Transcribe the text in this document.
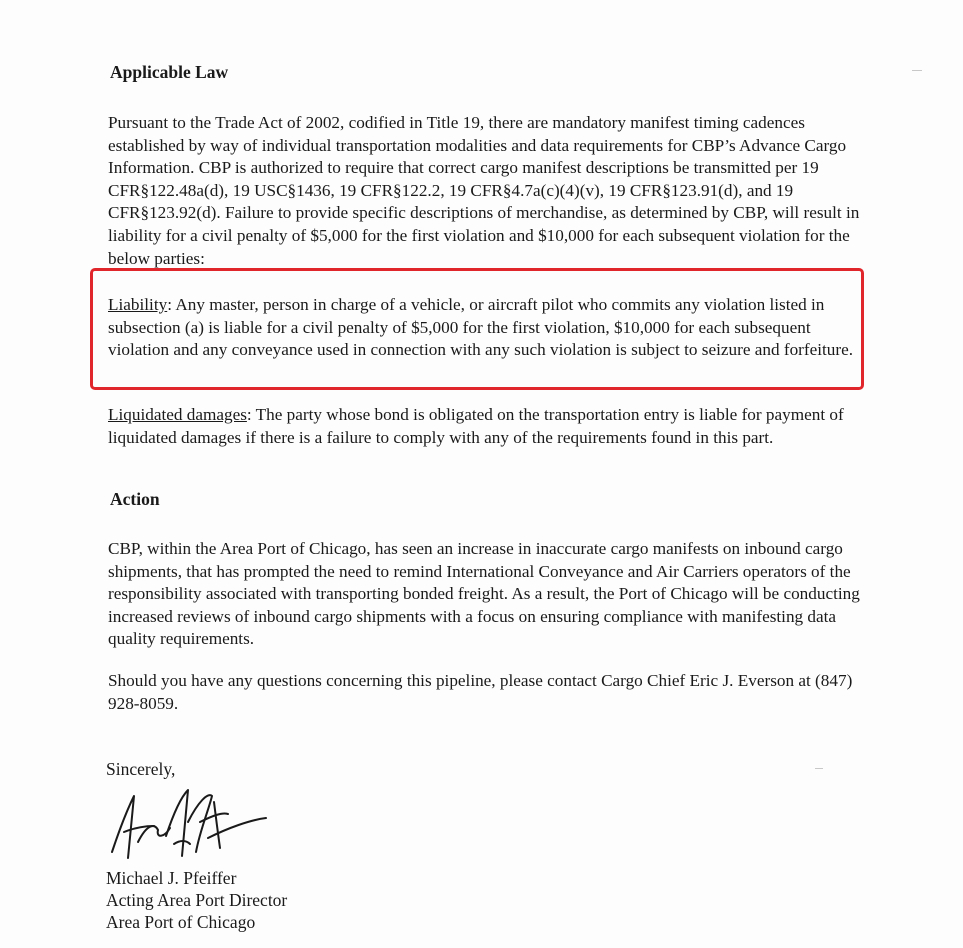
Applicable Law
Pursuant to the Trade Act of 2002, codified in Title 19, there are mandatory manifest timing cadences established by way of individual transportation modalities and data requirements for CBP’s Advance Cargo Information. CBP is authorized to require that correct cargo manifest descriptions be transmitted per 19 CFR§122.48a(d), 19 USC§1436, 19 CFR§122.2, 19 CFR§4.7a(c)(4)(v), 19 CFR§123.91(d), and 19 CFR§123.92(d). Failure to provide specific descriptions of merchandise, as determined by CBP, will result in liability for a civil penalty of $5,000 for the first violation and $10,000 for each subsequent violation for the below parties:
Liability: Any master, person in charge of a vehicle, or aircraft pilot who commits any violation listed in subsection (a) is liable for a civil penalty of $5,000 for the first violation, $10,000 for each subsequent violation and any conveyance used in connection with any such violation is subject to seizure and forfeiture.
Liquidated damages: The party whose bond is obligated on the transportation entry is liable for payment of liquidated damages if there is a failure to comply with any of the requirements found in this part.
Action
CBP, within the Area Port of Chicago, has seen an increase in inaccurate cargo manifests on inbound cargo shipments, that has prompted the need to remind International Conveyance and Air Carriers operators of the responsibility associated with transporting bonded freight. As a result, the Port of Chicago will be conducting increased reviews of inbound cargo shipments with a focus on ensuring compliance with manifesting data quality requirements.
Should you have any questions concerning this pipeline, please contact Cargo Chief Eric J. Everson at (847) 928-8059.
Sincerely,
Michael J. Pfeiffer
Acting Area Port Director
Area Port of Chicago
